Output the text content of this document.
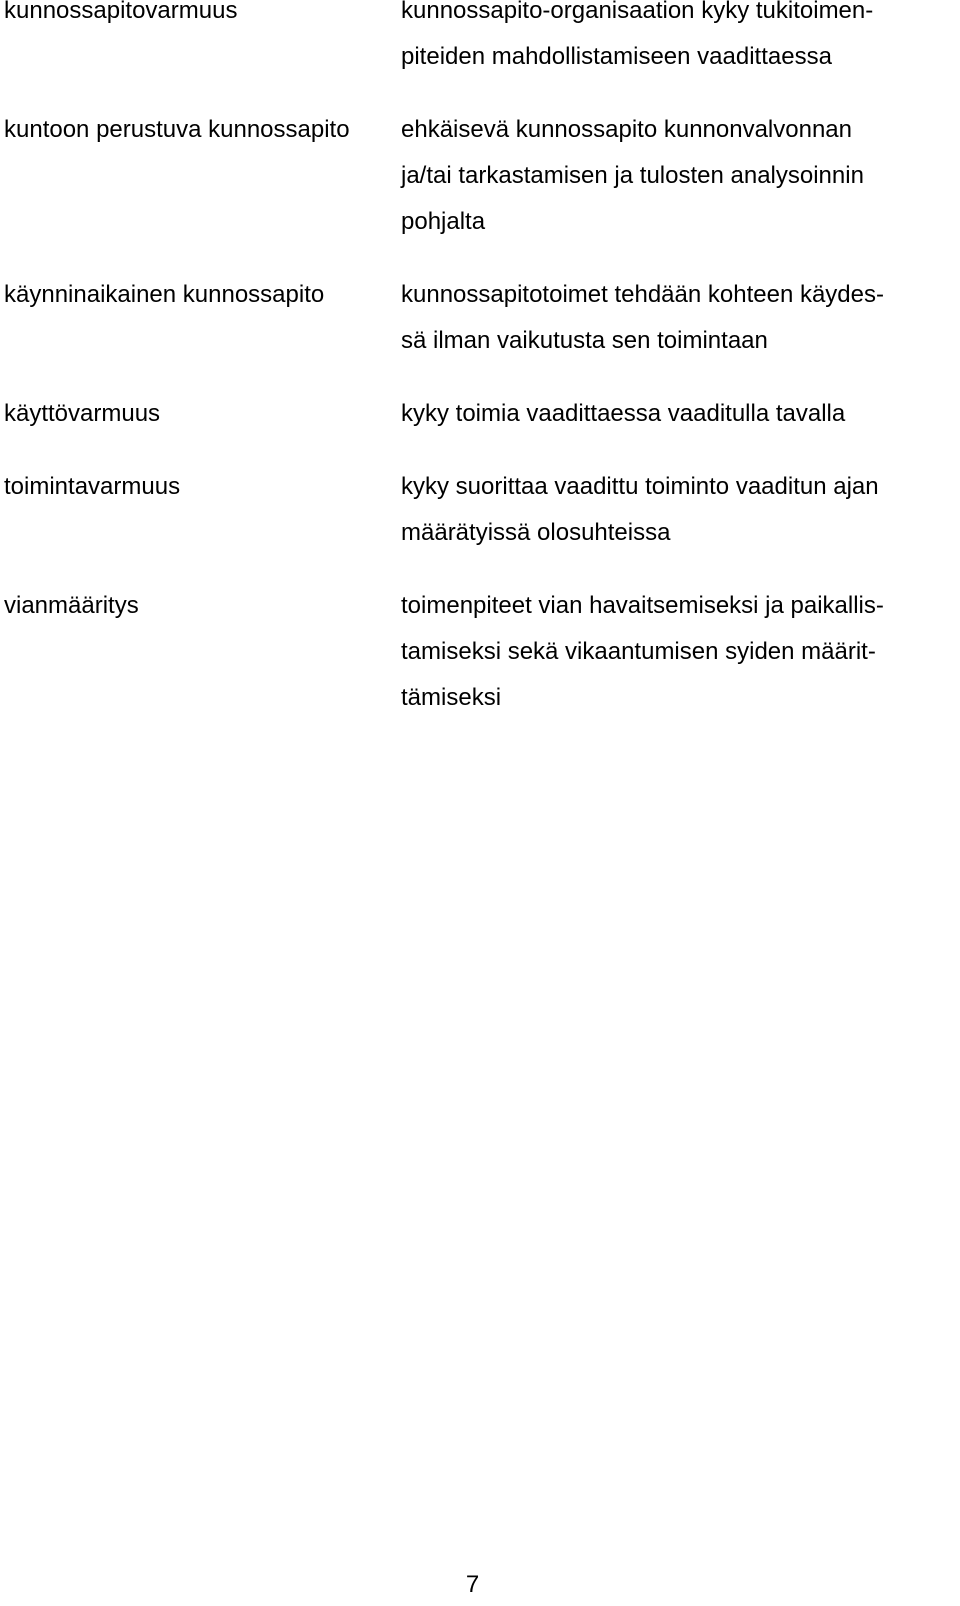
kunnossapitovarmuus	kunnossapito-organisaation kyky tukitoimen-
piteiden mahdollistamiseen vaadittaessa
kuntoon perustuva kunnossapito	ehkäisevä kunnossapito kunnonvalvonnan
ja/tai tarkastamisen ja tulosten analysoinnin
pohjalta
käynninaikainen kunnossapito	kunnossapitotoimet tehdään kohteen käydes-
sä ilman vaikutusta sen toimintaan
käyttövarmuus	kyky toimia vaadittaessa vaaditulla tavalla
toimintavarmuus	kyky suorittaa vaadittu toiminto vaaditun ajan
määrätyissä olosuhteissa
vianmääritys	toimenpiteet vian havaitsemiseksi ja paikallis-
tamiseksi sekä vikaantumisen syiden määrit-
tämiseksi
7
